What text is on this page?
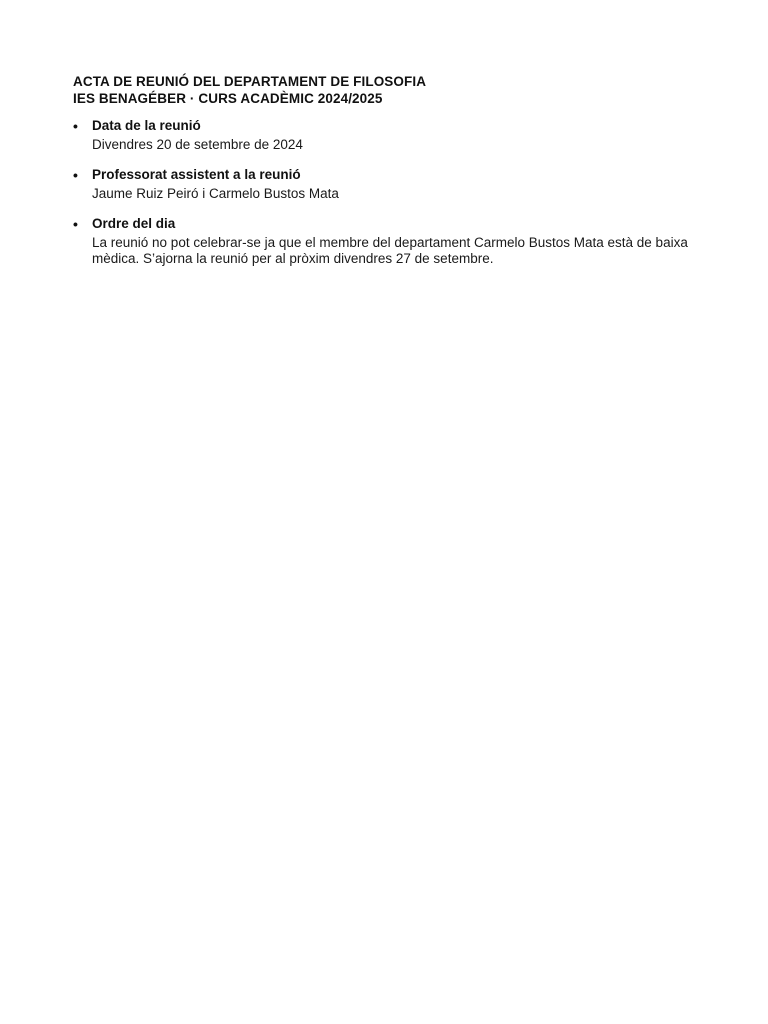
ACTA DE REUNIÓ DEL DEPARTAMENT DE FILOSOFIA
IES BENAGÉBER · CURS ACADÈMIC 2024/2025
• Data de la reunió
Divendres 20 de setembre de 2024
• Professorat assistent a la reunió
Jaume Ruiz Peiró i Carmelo Bustos Mata
• Ordre del dia
La reunió no pot celebrar-se ja que el membre del departament Carmelo Bustos Mata està de baixa mèdica. S’ajorna la reunió per al pròxim divendres 27 de setembre.
